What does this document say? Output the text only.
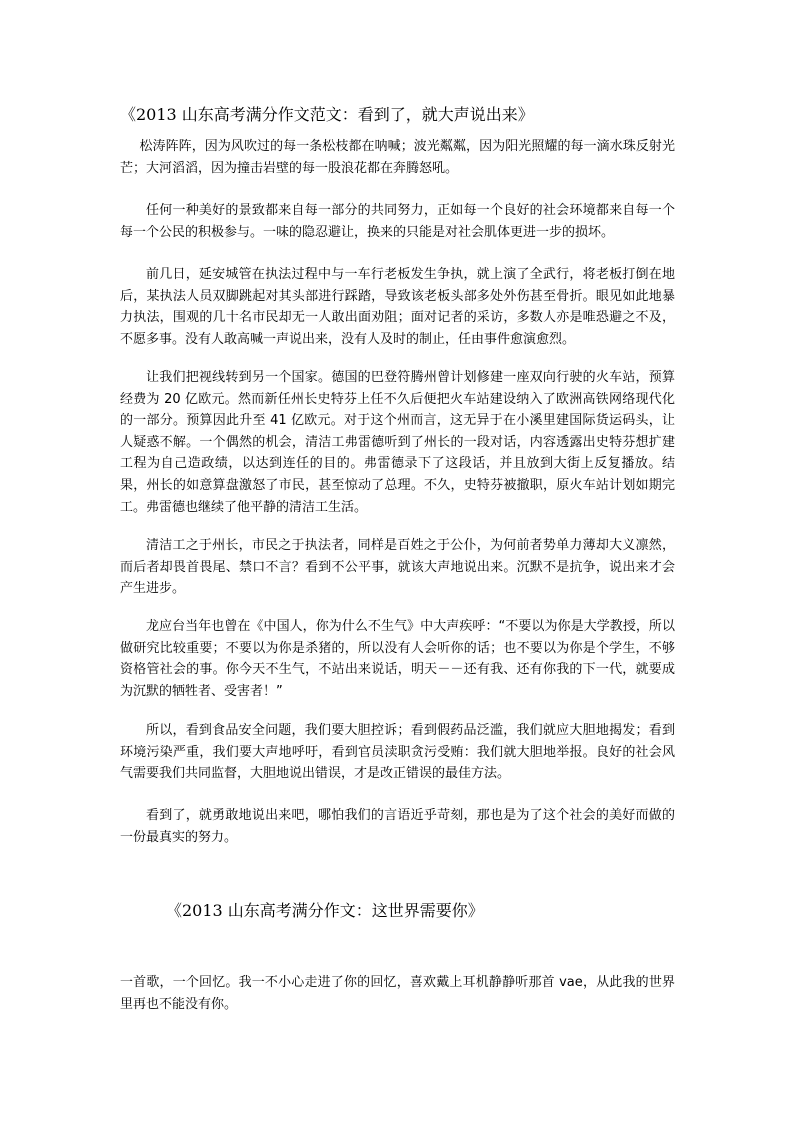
《2013 山东高考满分作文范文：看到了，就大声说出来》

松涛阵阵，因为风吹过的每一条松枝都在呐喊；波光粼粼，因为阳光照耀的每一滴水珠反射光芒；大河滔滔，因为撞击岩壁的每一股浪花都在奔腾怒吼。

任何一种美好的景致都来自每一部分的共同努力，正如每一个良好的社会环境都来自每一个每一个公民的积极参与。一味的隐忍避让，换来的只能是对社会肌体更进一步的损坏。

前几日，延安城管在执法过程中与一车行老板发生争执，就上演了全武行，将老板打倒在地后，某执法人员双脚跳起对其头部进行踩踏，导致该老板头部多处外伤甚至骨折。眼见如此地暴力执法，围观的几十名市民却无一人敢出面劝阻；面对记者的采访，多数人亦是唯恐避之不及，不愿多事。没有人敢高喊一声说出来，没有人及时的制止，任由事件愈演愈烈。

让我们把视线转到另一个国家。德国的巴登符腾州曾计划修建一座双向行驶的火车站，预算经费为 20 亿欧元。然而新任州长史特芬上任不久后便把火车站建设纳入了欧洲高铁网络现代化的一部分。预算因此升至 41 亿欧元。对于这个州而言，这无异于在小溪里建国际货运码头，让人疑惑不解。一个偶然的机会，清洁工弗雷德听到了州长的一段对话，内容透露出史特芬想扩建工程为自己造政绩，以达到连任的目的。弗雷德录下了这段话，并且放到大街上反复播放。结果，州长的如意算盘激怒了市民，甚至惊动了总理。不久，史特芬被撤职，原火车站计划如期完工。弗雷德也继续了他平静的清洁工生活。

清洁工之于州长，市民之于执法者，同样是百姓之于公仆，为何前者势单力薄却大义凛然，而后者却畏首畏尾、禁口不言？看到不公平事，就该大声地说出来。沉默不是抗争，说出来才会产生进步。

龙应台当年也曾在《中国人，你为什么不生气》中大声疾呼：“不要以为你是大学教授，所以做研究比较重要；不要以为你是杀猪的，所以没有人会听你的话；也不要以为你是个学生，不够资格管社会的事。你今天不生气，不站出来说话，明天－－还有我、还有你我的下一代，就要成为沉默的牺牲者、受害者！”

所以，看到食品安全问题，我们要大胆控诉；看到假药品泛滥，我们就应大胆地揭发；看到环境污染严重，我们要大声地呼吁，看到官员渎职贪污受贿：我们就大胆地举报。良好的社会风气需要我们共同监督，大胆地说出错误，才是改正错误的最佳方法。

看到了，就勇敢地说出来吧，哪怕我们的言语近乎苛刻，那也是为了这个社会的美好而做的一份最真实的努力。

《2013 山东高考满分作文：这世界需要你》

一首歌，一个回忆。我一不小心走进了你的回忆，喜欢戴上耳机静静听那首 vae，从此我的世界里再也不能没有你。
